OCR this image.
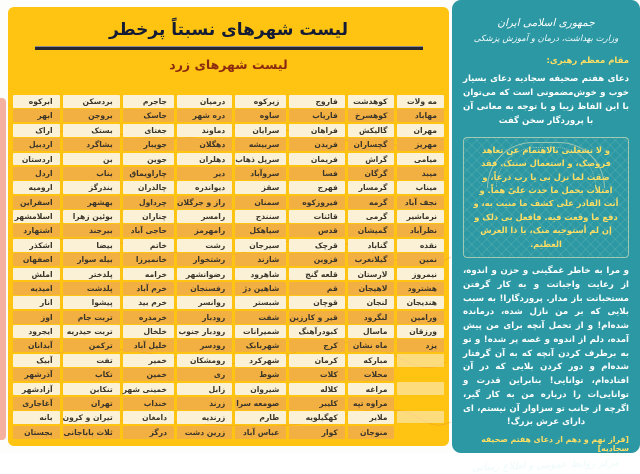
لیست شهرهای نسبتاً پرخطر
لیست شهرهای زرد
ابرکوه
ابهر
اراک
اردبیل
اردستان
اردل
ارومیه
اسفراین
اسلامشهر
اشتهارد
اشکذر
اصفهان
املش
امیدیه
انار
اوز
ایجرود
آبدانان
آبیک
آذرشهر
آزادشهر
آغاجاری
بانه
بجستان
بردسکن
بروجن
بستک
بشاگرد
بن
بناب
بندرگز
بهشهر
بوئین زهرا
بیرجند
بیضا
بیله سوار
پلدختر
پلدشت
پیشوا
تربت جام
تربت حیدریه
ترکمن
تفت
تکاب
تنکابن
تهران
تیران و کرون
ثلاث باباجانی
جاجرم
جاسک
جغتای
جویبار
جوین
چاراویماق
چالدران
چرداول
چناران
حاجی آباد
خاتم
خانمیرزا
خرامه
خرم آباد
خرم بید
خرمدره
خلخال
خلیل آباد
خمیر
خمین
خمینی شهر
خنداب
دامغان
درگز
درمیان
دره شهر
دماوند
دهگلان
دهلران
دیر
دیواندره
راز و جرگلان
رامسر
رامهرمز
رشت
رشتخوار
رضوانشهر
رفسنجان
روانسر
رودبار
رودبار جنوب
رودسر
رومشکان
ری
زابل
زرند
زرندیه
زرین دشت
زیرکوه
ساوه
سرایان
سربیشه
سرپل ذهاب
سروآباد
سقز
سمنان
سنندج
سیاهکل
سیرجان
شازند
شاهرود
شاهین دژ
شبستر
شفت
شمیرانات
شهربابک
شهرکرد
شوط
شیروان
صومعه سرا
طارم
عباس آباد
فاروج
فاریاب
فراهان
فریدن
فریمان
فسا
فهرج
فیروزکوه
قائنات
قدس
قرچک
قزوین
قلعه گنج
قم
قوچان
قیر و کارزین
کبودرآهنگ
کرج
کرمان
کلات
کلاله
کلیبر
کهگیلویه
کوار
کوهدشت
کوهسرخ
گالیکش
گچساران
گراش
گرگان
گرمسار
گرمه
گرمی
گمیشان
گناباد
گیلانغرب
لارستان
لاهیجان
لنجان
لنگرود
ماسال
ماه نشان
مبارکه
محلات
مراغه
مراوه تپه
ملایر
منوجان
مه ولات
مهاباد
مهران
مهریز
میامی
میبد
میناب
نجف آباد
نرماشیر
نظرآباد
نقده
نمین
نیمروز
هشترود
هندیجان
ورامین
ورزقان
یزد
جمهوری اسلامی ایران
وزارت بهداشت، درمان و آموزش پزشکی
مقام معظم رهبری:
دعای هفتم صحیفه سجادیه دعای بسیار خوب و خوش‌مضمونی است که می‌توان با این الفاظ زیبا و با توجه به معانی آن با پروردگار سخن گفت
و لا تشغلنی بالاهتمام عن تعاهد فروضک، و استعمال سنتک. فقد ضقت لما نزل بی یا رب ذرعاً، و امتلأت بحمل ما حدث علیّ هماً. و أنت القادر علی کشف ما منیت به، و دفع ما وقعت فیه. فافعل بی ذلک و إن لم أستوجبه منک، یا ذا العرش العظیم.
و مرا به خاطر غمگینی و حزن و اندوه، از رعایت واجباتت و به کار گرفتن مستحباتت باز مدار. پروردگارا! به سبب بلایی که بر من نازل شده، درمانده شده‌ام! و از تحمل آنچه برای من پیش آمده، دلم از اندوه و غصه پر شده! و تو به برطرف کردن آنچه که به آن گرفتار شده‌ام و دور کردن بلایی که در آن افتاده‌ام، توانایی! بنابراین قدرت و توانایی‌ات را درباره من به کار گیر، اگرچه از جانب تو سزاوار آن نیستم، ای دارای عرش بزرگ!
[فراز نهم و دهم از دعای هفتم صحیفه سجادیه]
مرکز روابط عمومی و اطلاع رسانی
